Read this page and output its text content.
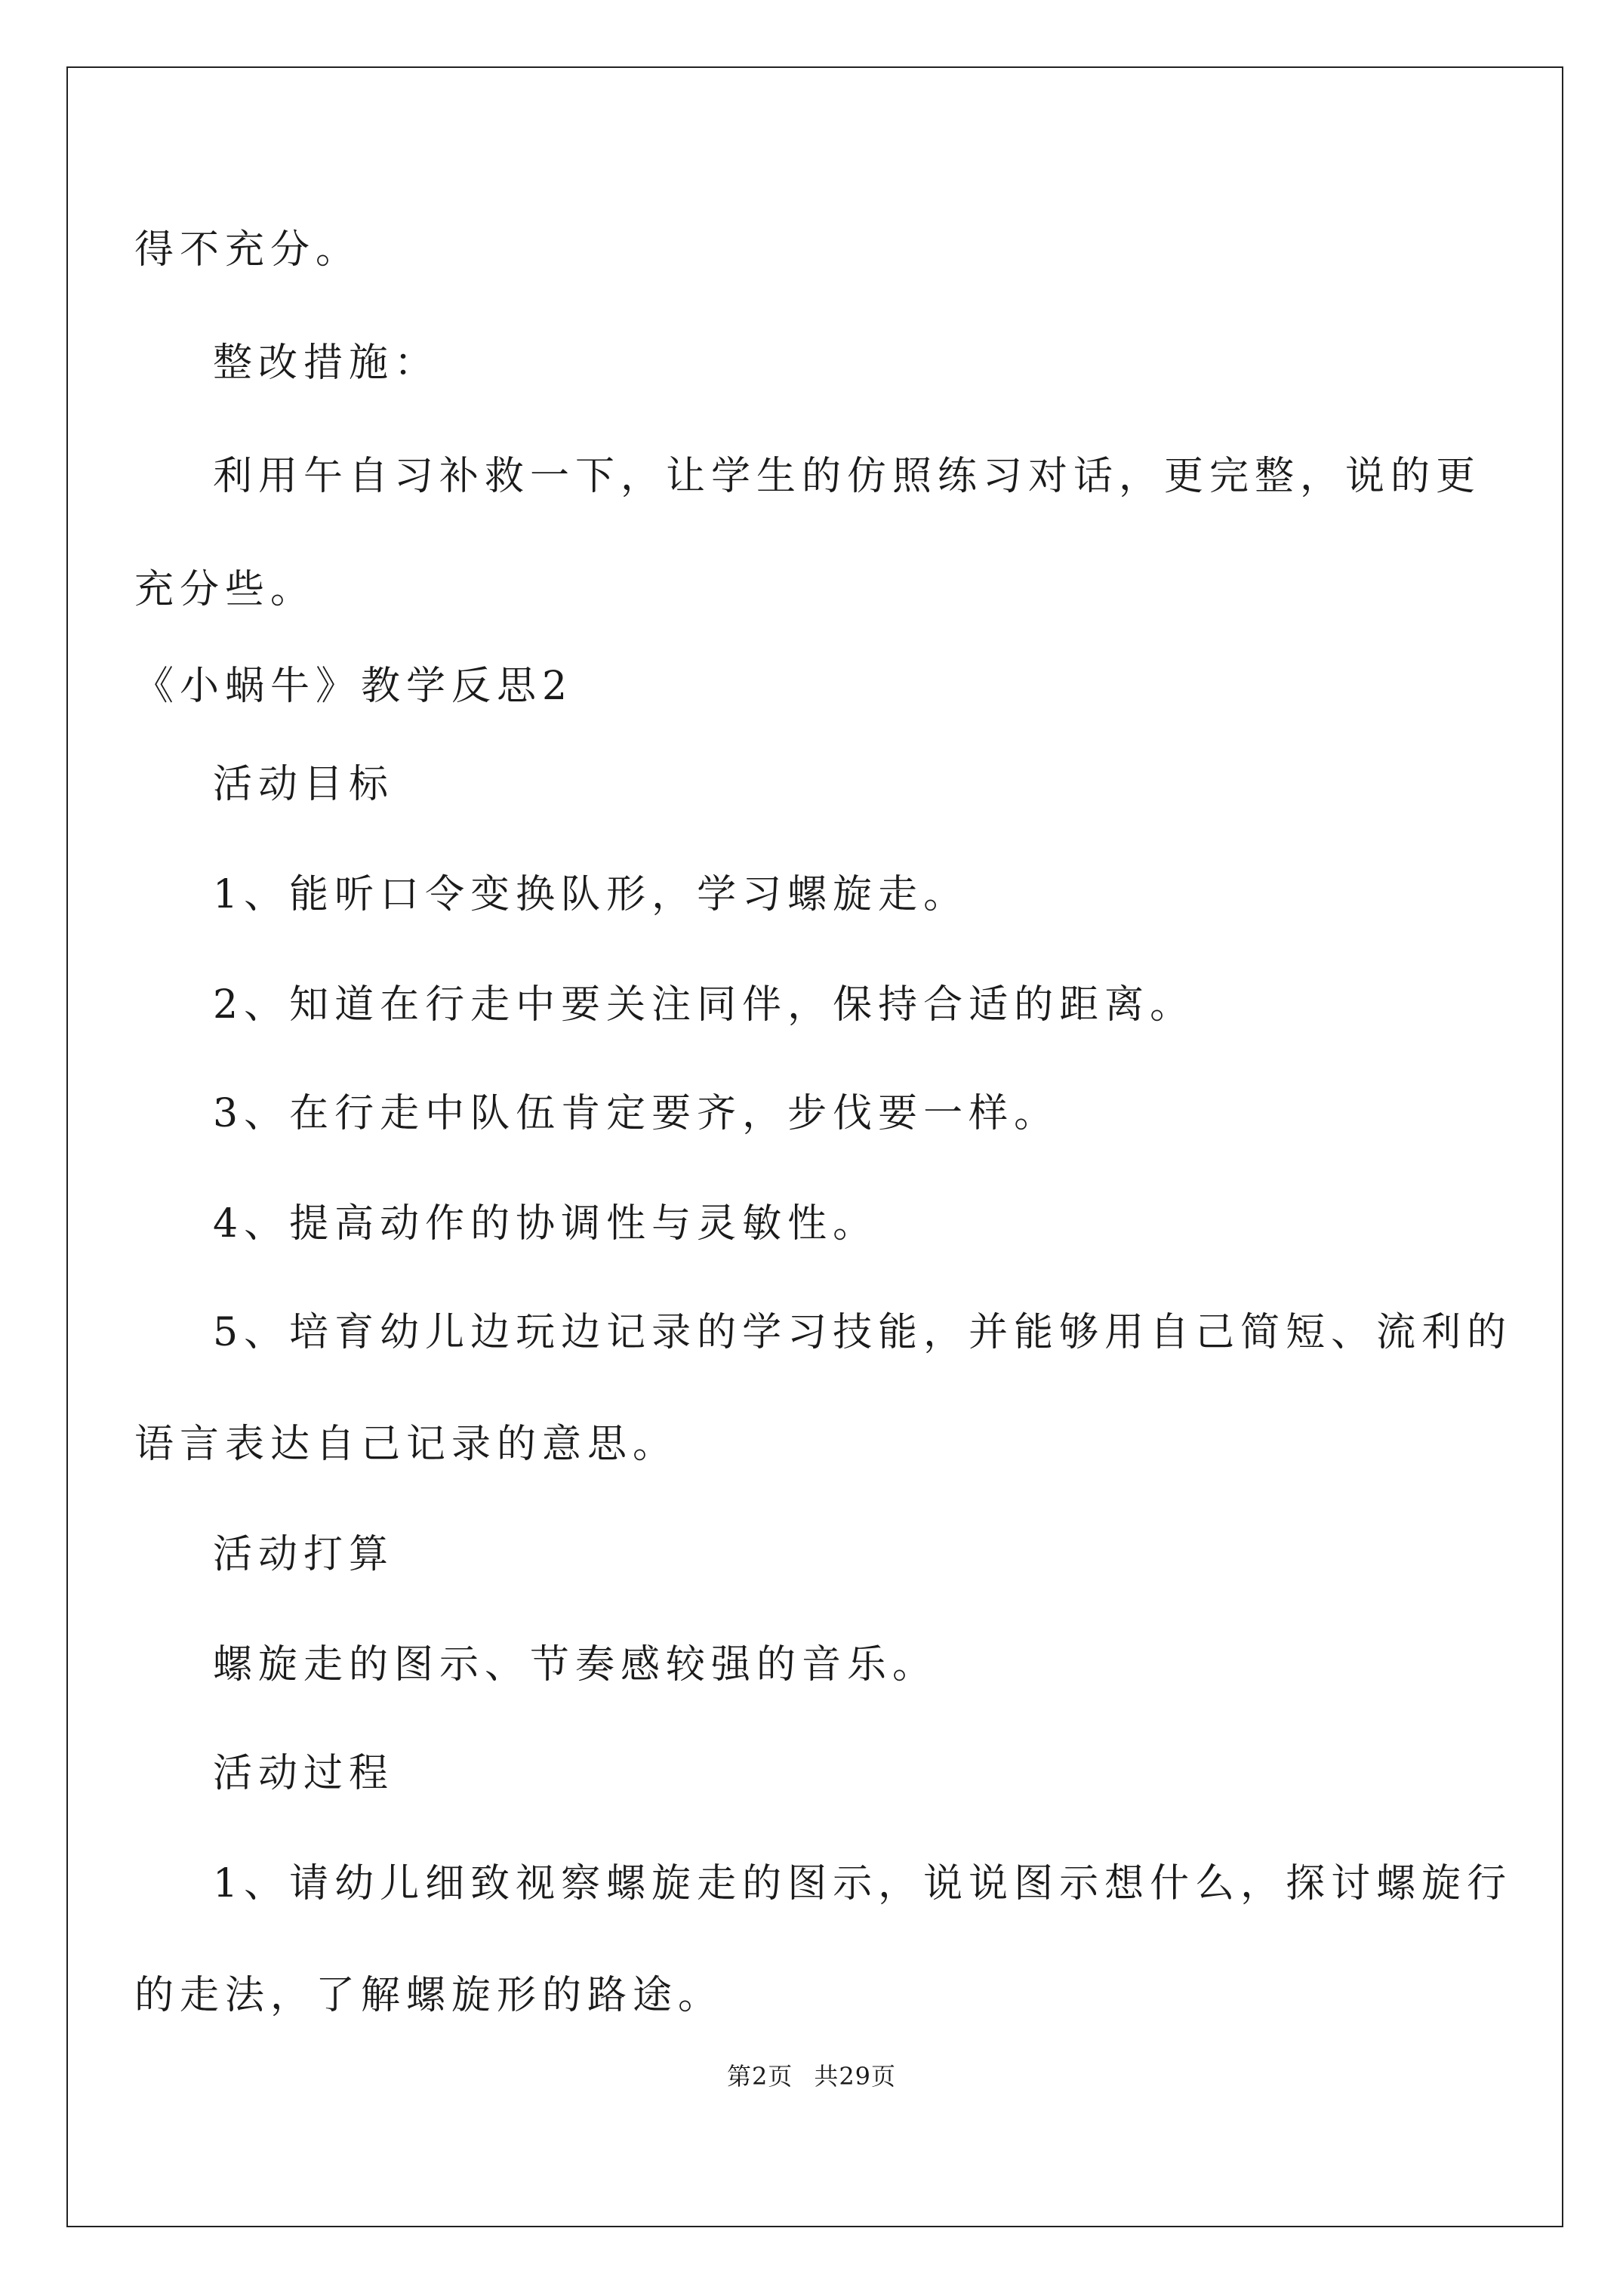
得不充分。
整改措施：
利用午自习补救一下，让学生的仿照练习对话，更完整，说的更
充分些。
《小蜗牛》教学反思2
活动目标
1、能听口令变换队形，学习螺旋走。
2、知道在行走中要关注同伴，保持合适的距离。
3、在行走中队伍肯定要齐，步伐要一样。
4、提高动作的协调性与灵敏性。
5、培育幼儿边玩边记录的学习技能，并能够用自己简短、流利的
语言表达自己记录的意思。
活动打算
螺旋走的图示、节奏感较强的音乐。
活动过程
1、请幼儿细致视察螺旋走的图示，说说图示想什么，探讨螺旋行
的走法，了解螺旋形的路途。
第2页 共29页
